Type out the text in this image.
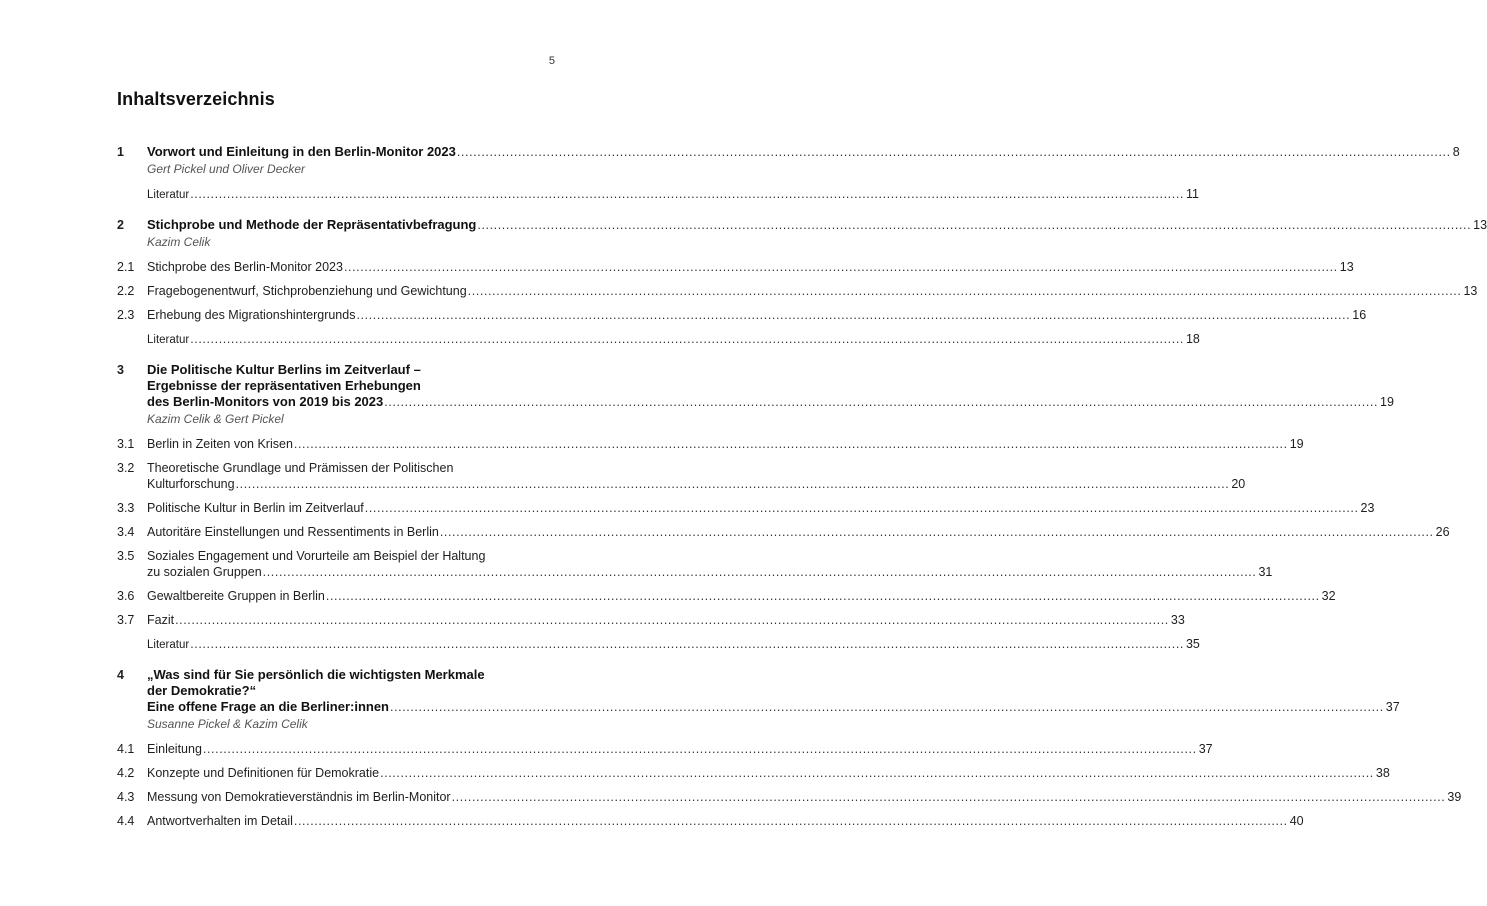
5
Inhaltsverzeichnis
1 Vorwort und Einleitung in den Berlin-Monitor 2023 .....	8
Gert Pickel und Oliver Decker
Literatur .....	11
2 Stichprobe und Methode der Repräsentativbefragung .....	13
Kazim Celik
2.1 Stichprobe des Berlin-Monitor 2023 .....	13
2.2 Fragebogenentwurf, Stichprobenziehung und Gewichtung .....	13
2.3 Erhebung des Migrationshintergrunds .....	16
Literatur .....	18
3 Die Politische Kultur Berlins im Zeitverlauf –
Ergebnisse der repräsentativen Erhebungen
des Berlin-Monitors von 2019 bis 2023 .....	19
Kazim Celik & Gert Pickel
3.1 Berlin in Zeiten von Krisen .....	19
3.2 Theoretische Grundlage und Prämissen der Politischen
Kulturforschung .....	20
3.3 Politische Kultur in Berlin im Zeitverlauf .....	23
3.4 Autoritäre Einstellungen und Ressentiments in Berlin .....	26
3.5 Soziales Engagement und Vorurteile am Beispiel der Haltung
zu sozialen Gruppen .....	31
3.6 Gewaltbereite Gruppen in Berlin .....	32
3.7 Fazit .....	33
Literatur .....	35
4 „Was sind für Sie persönlich die wichtigsten Merkmale
der Demokratie?“
Eine offene Frage an die Berliner:innen .....	37
Susanne Pickel & Kazim Celik
4.1 Einleitung .....	37
4.2 Konzepte und Definitionen für Demokratie .....	38
4.3 Messung von Demokratieverständnis im Berlin-Monitor .....	39
4.4 Antwortverhalten im Detail .....	40
